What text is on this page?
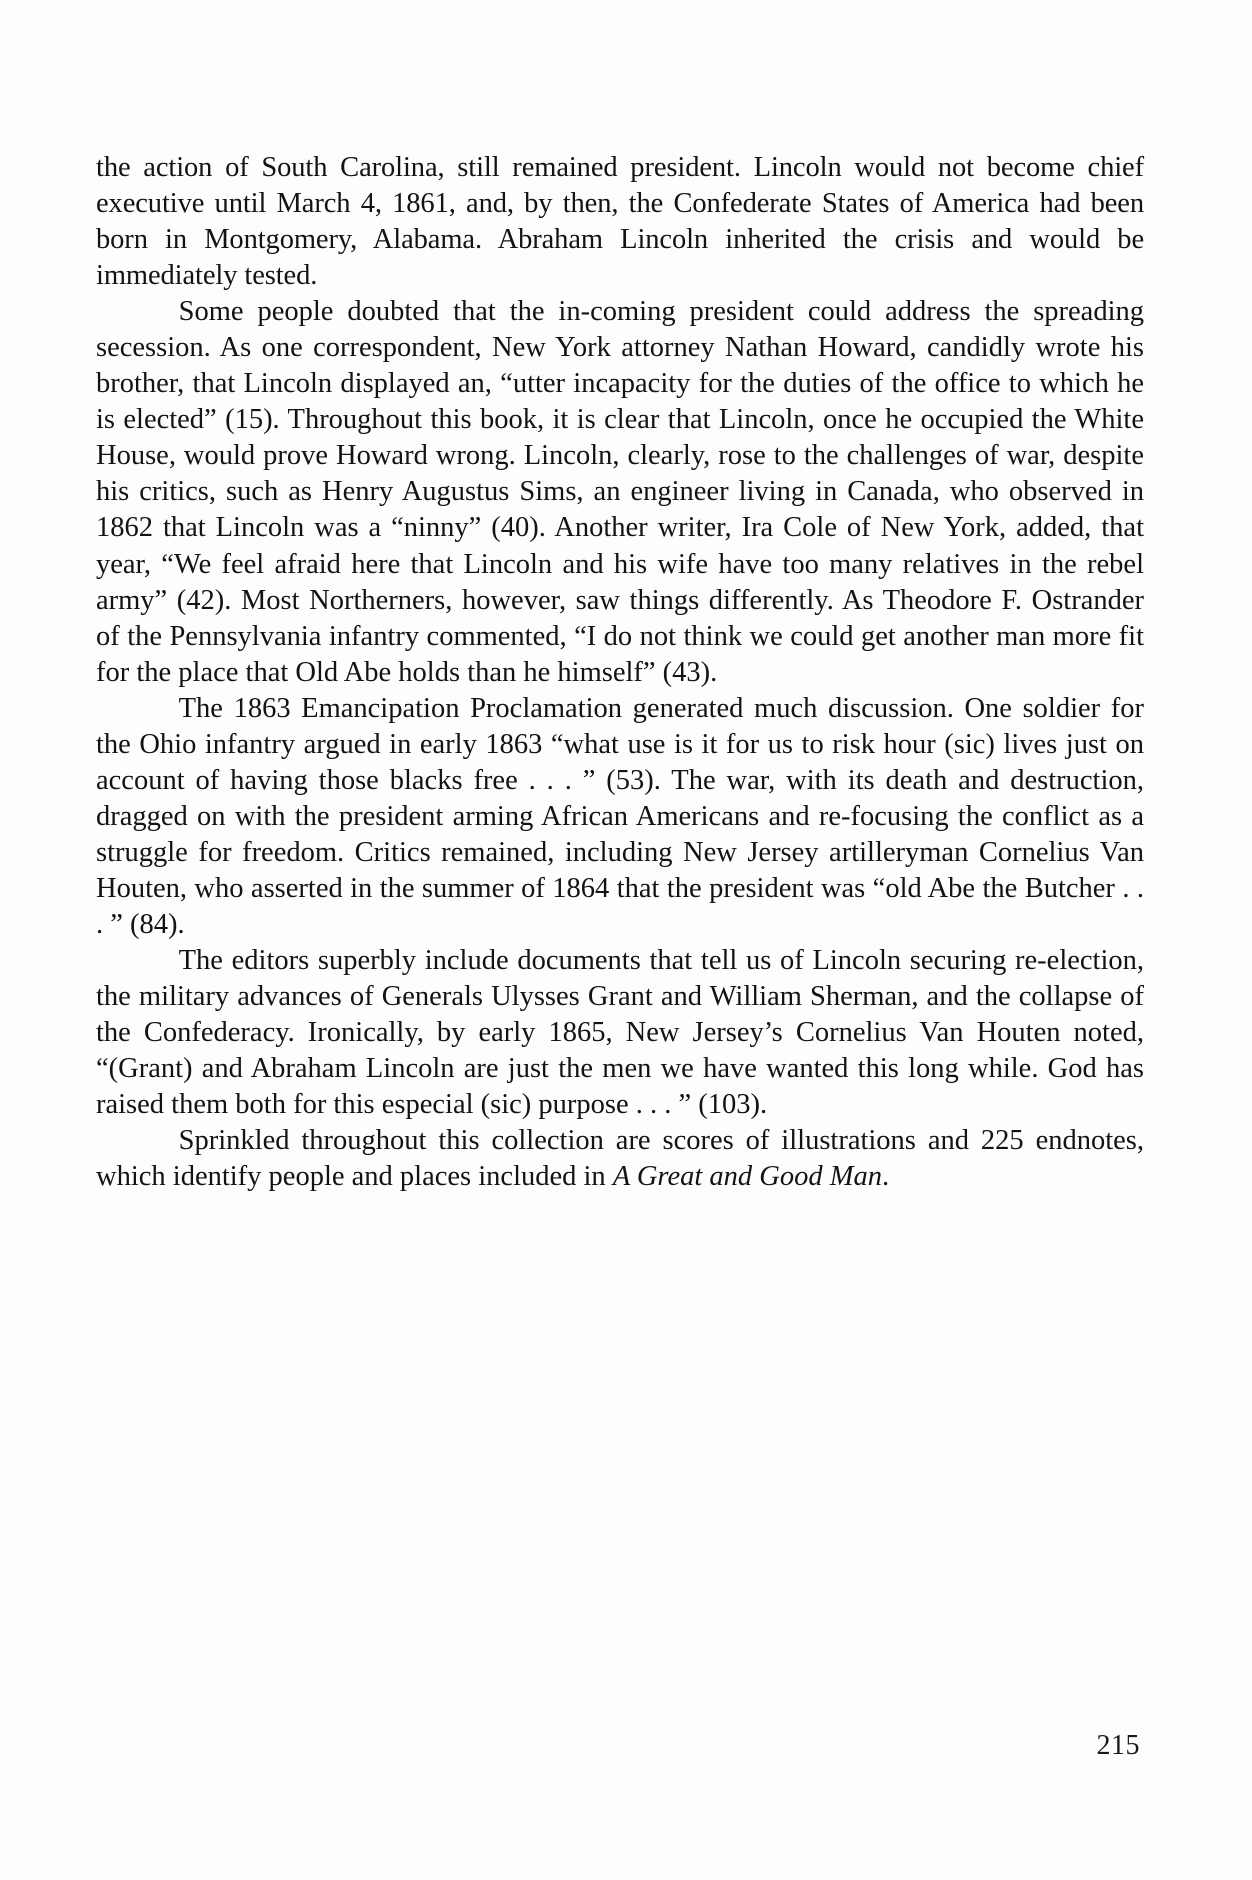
the action of South Carolina, still remained president. Lincoln would not become chief executive until March 4, 1861, and, by then, the Confederate States of America had been born in Montgomery, Alabama. Abraham Lincoln inherited the crisis and would be immediately tested.

Some people doubted that the in-coming president could address the spreading secession. As one correspondent, New York attorney Nathan Howard, candidly wrote his brother, that Lincoln displayed an, “utter incapacity for the duties of the office to which he is elected” (15). Throughout this book, it is clear that Lincoln, once he occupied the White House, would prove Howard wrong. Lincoln, clearly, rose to the challenges of war, despite his critics, such as Henry Augustus Sims, an engineer living in Canada, who observed in 1862 that Lincoln was a “ninny” (40). Another writer, Ira Cole of New York, added, that year, “We feel afraid here that Lincoln and his wife have too many relatives in the rebel army” (42). Most Northerners, however, saw things differently. As Theodore F. Ostrander of the Pennsylvania infantry commented, “I do not think we could get another man more fit for the place that Old Abe holds than he himself” (43).

The 1863 Emancipation Proclamation generated much discussion. One soldier for the Ohio infantry argued in early 1863 “what use is it for us to risk hour (sic) lives just on account of having those blacks free . . . ” (53). The war, with its death and destruction, dragged on with the president arming African Americans and re-focusing the conflict as a struggle for freedom. Critics remained, including New Jersey artilleryman Cornelius Van Houten, who asserted in the summer of 1864 that the president was “old Abe the Butcher . . . ” (84).

The editors superbly include documents that tell us of Lincoln securing re-election, the military advances of Generals Ulysses Grant and William Sherman, and the collapse of the Confederacy. Ironically, by early 1865, New Jersey’s Cornelius Van Houten noted, “(Grant) and Abraham Lincoln are just the men we have wanted this long while. God has raised them both for this especial (sic) purpose . . . ” (103).

Sprinkled throughout this collection are scores of illustrations and 225 endnotes, which identify people and places included in A Great and Good Man.

215
